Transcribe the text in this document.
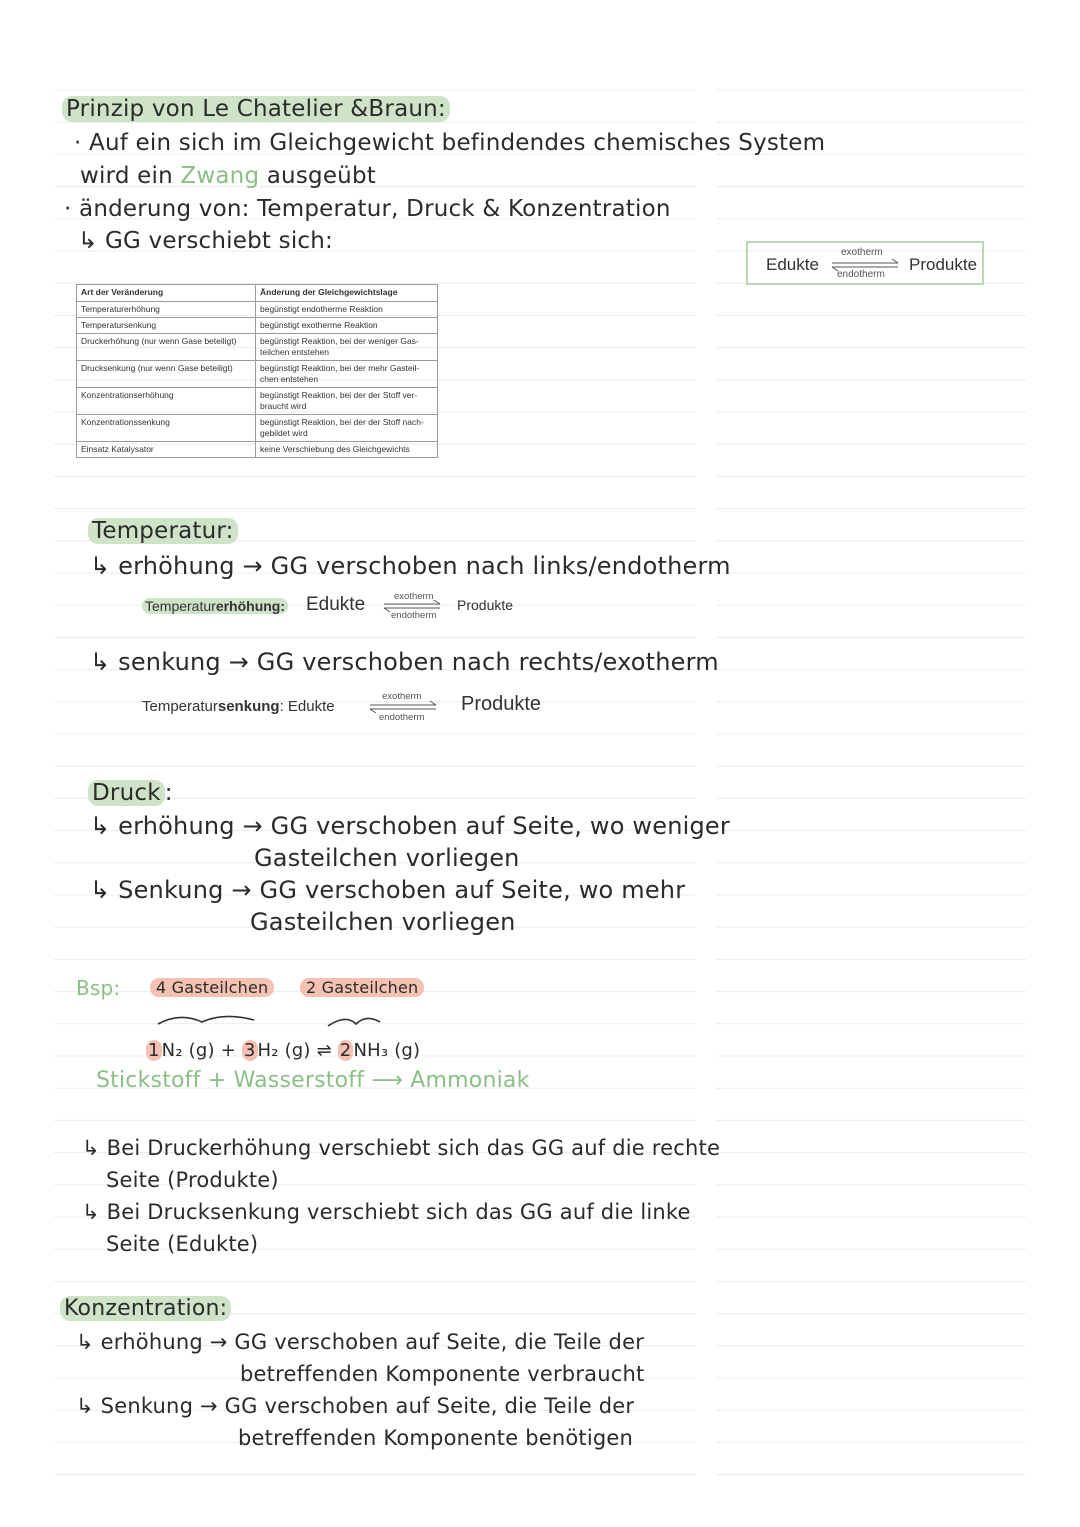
Prinzip von Le Chatelier &Braun:
· Auf ein sich im Gleichgewicht befindendes chemisches System
wird ein Zwang ausgeübt
· änderung von: Temperatur, Druck & Konzentration
↳ GG verschiebt sich:
Art der Veränderung	Änderung der Gleichgewichtslage
Temperaturerhöhung	begünstigt endotherme Reaktion
Temperatursenkung	begünstigt exotherme Reaktion
Druckerhöhung (nur wenn Gase beteiligt)	begünstigt Reaktion, bei der weniger Gas-teilchen entstehen
Drucksenkung (nur wenn Gase beteiligt)	begünstigt Reaktion, bei der mehr Gasteil-chen entstehen
Konzentrationserhöhung	begünstigt Reaktion, bei der der Stoff ver-braucht wird
Konzentrationssenkung	begünstigt Reaktion, bei der der Stoff nach-gebildet wird
Einsatz Katalysator	keine Verschiebung des Gleichgewichts
Edukte
exotherm
endotherm
Produkte
Temperatur:
↳ erhöhung → GG verschoben nach links/endotherm
Temperaturerhöhung: Edukte	exotherm
endotherm
⇌ Produkte
↳ senkung → GG verschoben nach rechts/exotherm
Temperatursenkung: Edukte
exotherm
endotherm
Produkte
Druck :
↳ erhöhung → GG verschoben auf Seite, wo weniger
Gasteilchen vorliegen
↳ Senkung → GG verschoben auf Seite, wo mehr
Gasteilchen vorliegen
Bsp:	4 Gasteilchen	2 Gasteilchen
1 N₂ (g) + 3 H₂ (g) ⇌ 2 NH₃ (g)
Stickstoff + Wasserstoff ⟶ Ammoniak
↳ Bei Druckerhöhung verschiebt sich das GG auf die rechte
Seite (Produkte)
↳ Bei Drucksenkung verschiebt sich das GG auf die linke
Seite (Edukte)
Konzentration:
↳ erhöhung → GG verschoben auf Seite, die Teile der
betreffenden Komponente verbraucht
↳ Senkung → GG verschoben auf Seite, die Teile der
betreffenden Komponente benötigen
